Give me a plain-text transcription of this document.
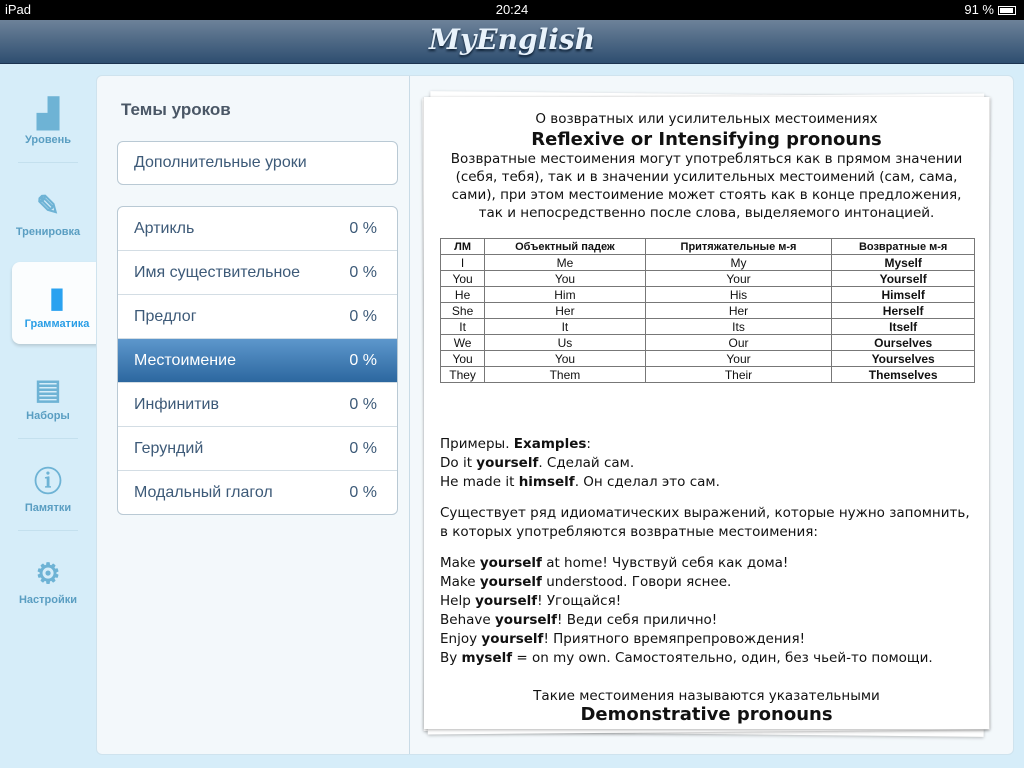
iPad	20:24	91 %
MyEnglish
▟
Уровень
✎
Тренировка
▮
Грамматика
▤
Наборы
ⓘ
Памятки
⚙
Настройки
Темы уроков
Дополнительные уроки
Артикль	0 %
Имя существительное	0 %
Предлог	0 %
Местоимение	0 %
Инфинитив	0 %
Герундий	0 %
Модальный глагол	0 %
О возвратных или усилительных местоимениях
Reflexive or Intensifying pronouns
Возвратные местоимения могут употребляться как в прямом значении (себя, тебя), так и в значении усилительных местоимений (сам, сама, сами), при этом местоимение может стоять как в конце предложения, так и непосредственно после слова, выделяемого интонацией.
ЛМ	Объектный падеж	Притяжательные м-я	Возвратные м-я
I	Me	My	Myself
You	You	Your	Yourself
He	Him	His	Himself
She	Her	Her	Herself
It	It	Its	Itself
We	Us	Our	Ourselves
You	You	Your	Yourselves
They	Them	Their	Themselves
Примеры. Examples:
Do it yourself. Сделай сам.
He made it himself. Он сделал это сам.
Существует ряд идиоматических выражений, которые нужно запомнить, в которых употребляются возвратные местоимения:
Make yourself at home! Чувствуй себя как дома!
Make yourself understood. Говори яснее.
Help yourself! Угощайся!
Behave yourself! Веди себя прилично!
Enjoy yourself! Приятного времяпрепровождения!
By myself = on my own. Самостоятельно, один, без чьей-то помощи.
Такие местоимения называются указательными
Demonstrative pronouns
